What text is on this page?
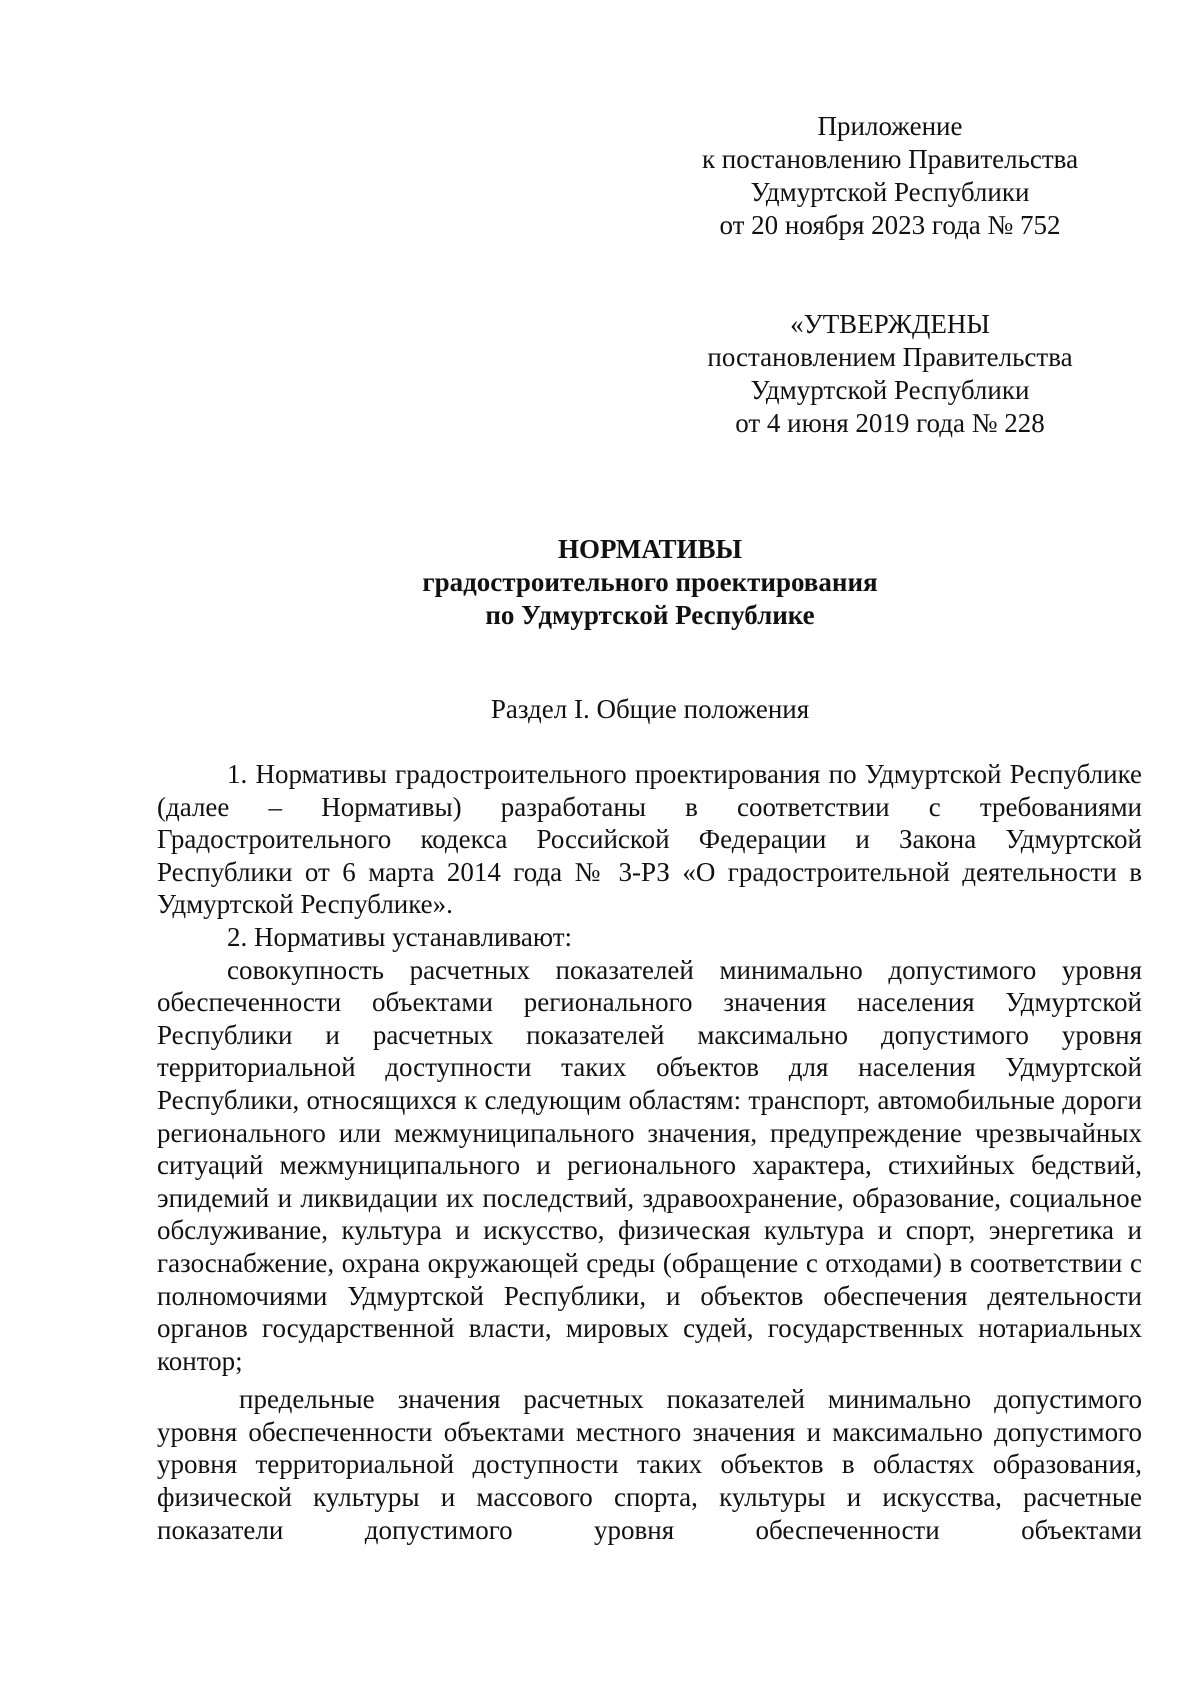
Приложение
к постановлению Правительства
Удмуртской Республики
от 20 ноября 2023 года № 752
«УТВЕРЖДЕНЫ
постановлением Правительства
Удмуртской Республики
от 4 июня 2019 года № 228
НОРМАТИВЫ
градостроительного проектирования
по Удмуртской Республике
Раздел I. Общие положения

1. Нормативы градостроительного проектирования по Удмуртской Республике (далее – Нормативы) разработаны в соответствии с требованиями Градостроительного кодекса Российской Федерации и Закона Удмуртской Республики от 6 марта 2014 года № 3-РЗ «О градостроительной деятельности в Удмуртской Республике».

2. Нормативы устанавливают:

совокупность расчетных показателей минимально допустимого уровня обеспеченности объектами регионального значения населения Удмуртской Республики и расчетных показателей максимально допустимого уровня территориальной доступности таких объектов для населения Удмуртской Республики, относящихся к следующим областям: транспорт, автомобильные дороги регионального или межмуниципального значения, предупреждение чрезвычайных ситуаций межмуниципального и регионального характера, стихийных бедствий, эпидемий и ликвидации их последствий, здравоохранение, образование, социальное обслуживание, культура и искусство, физическая культура и спорт, энергетика и газоснабжение, охрана окружающей среды (обращение с отходами) в соответствии с полномочиями Удмуртской Республики, и объектов обеспечения деятельности органов государственной власти, мировых судей, государственных нотариальных контор;

предельные значения расчетных показателей минимально допустимого уровня обеспеченности объектами местного значения и максимально допустимого уровня территориальной доступности таких объектов в областях образования, физической культуры и массового спорта, культуры и искусства, расчетные показатели допустимого уровня обеспеченности объектами
